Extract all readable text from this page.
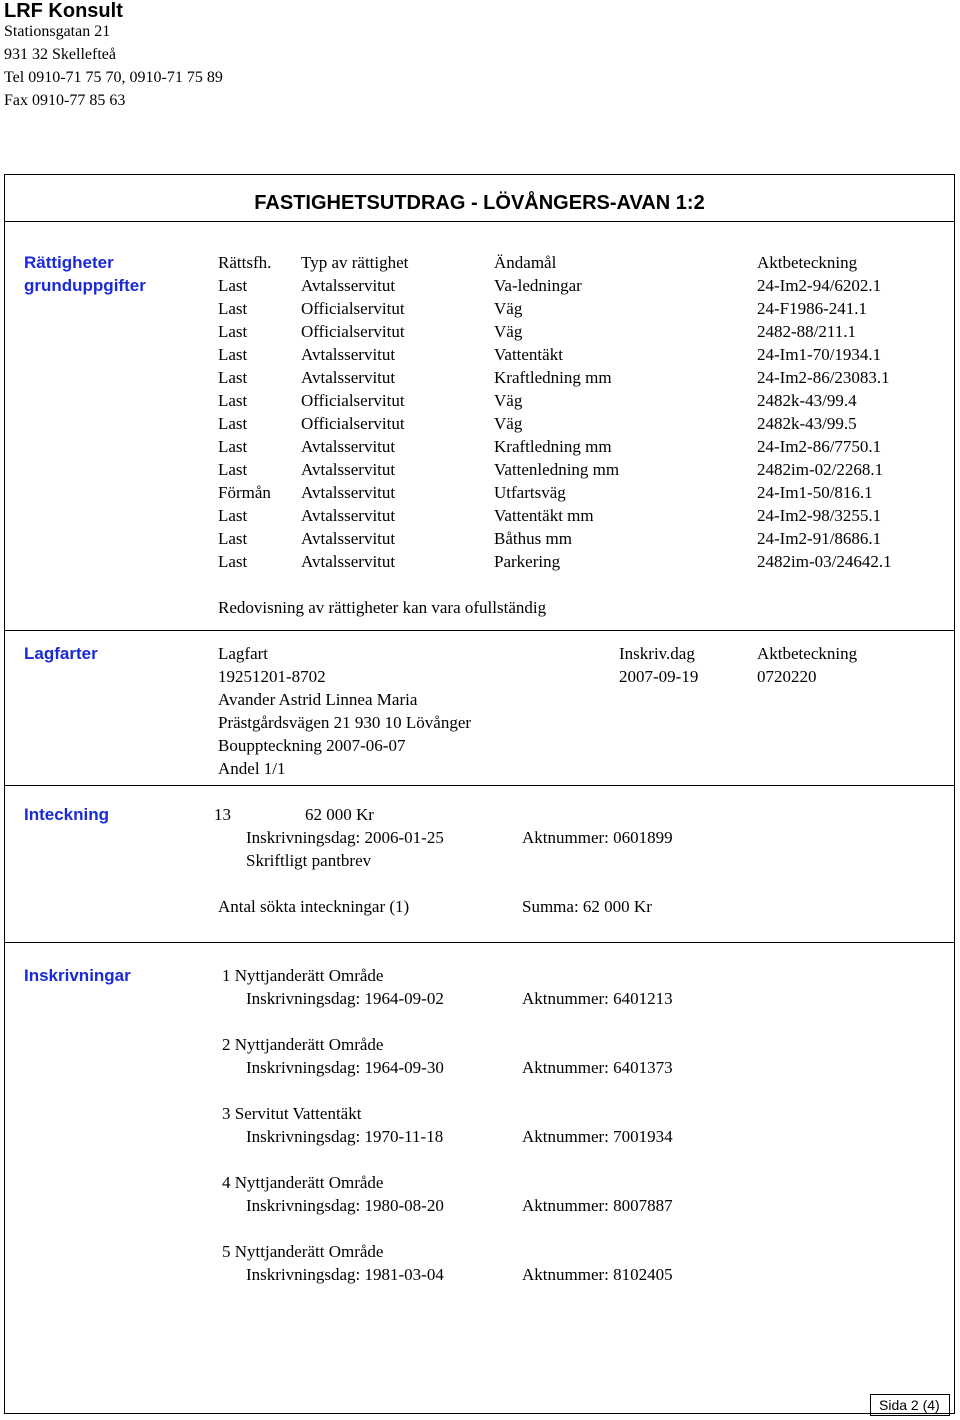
LRF Konsult
Stationsgatan 21
931 32 Skellefteå
Tel 0910-71 75 70, 0910-71 75 89
Fax 0910-77 85 63
FASTIGHETSUTDRAG - LÖVÅNGERS-AVAN 1:2
Rättigheter
grunduppgifter
Rättsfh. Typ av rättighet	Ändamål	Aktbeteckning
Last	Avtalsservitut	Va-ledningar	24-Im2-94/6202.1
Last	Officialservitut	Väg	24-F1986-241.1
Last	Officialservitut	Väg	2482-88/211.1
Last	Avtalsservitut	Vattentäkt	24-Im1-70/1934.1
Last	Avtalsservitut	Kraftledning mm	24-Im2-86/23083.1
Last	Officialservitut	Väg	2482k-43/99.4
Last	Officialservitut	Väg	2482k-43/99.5
Last	Avtalsservitut	Kraftledning mm	24-Im2-86/7750.1
Last	Avtalsservitut	Vattenledning mm	2482im-02/2268.1
Förmån Avtalsservitut	Utfartsväg	24-Im1-50/816.1
Last	Avtalsservitut	Vattentäkt mm	24-Im2-98/3255.1
Last	Avtalsservitut	Båthus mm	24-Im2-91/8686.1
Last	Avtalsservitut	Parkering	2482im-03/24642.1
Redovisning av rättigheter kan vara ofullständig
Lagfarter	Lagfart	Inskriv.dag	Aktbeteckning
19251201-8702	2007-09-19	0720220
Avander Astrid Linnea Maria
Prästgårdsvägen 21 930 10 Lövånger
Bouppteckning 2007-06-07
Andel 1/1
Inteckning	13	62 000 Kr
Inskrivningsdag: 2006-01-25	Aktnummer: 0601899
Skriftligt pantbrev
Antal sökta inteckningar (1)	Summa: 62 000 Kr
Inskrivningar	1 Nyttjanderätt Område
Inskrivningsdag: 1964-09-02	Aktnummer: 6401213
2 Nyttjanderätt Område
Inskrivningsdag: 1964-09-30	Aktnummer: 6401373
3 Servitut Vattentäkt
Inskrivningsdag: 1970-11-18	Aktnummer: 7001934
4 Nyttjanderätt Område
Inskrivningsdag: 1980-08-20	Aktnummer: 8007887
5 Nyttjanderätt Område
Inskrivningsdag: 1981-03-04	Aktnummer: 8102405
Sida 2 (4)
